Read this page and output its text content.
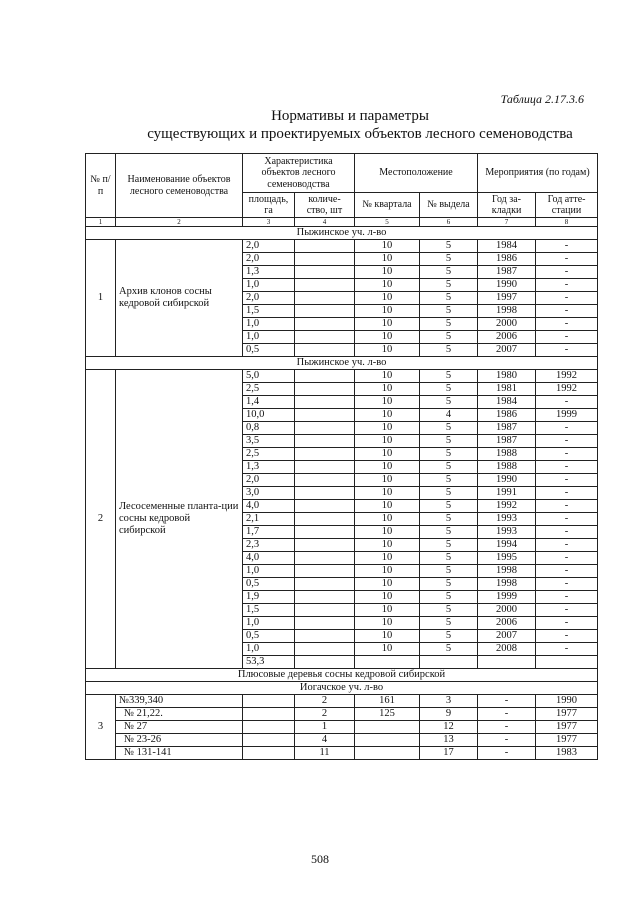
Таблица 2.17.3.6
Нормативы и параметры
существующих и проектируемых объектов лесного семеноводства
№ п/п	Наименование объектов лесного семеноводства	Характеристика объектов лесного семеноводства		Местоположение		Мероприятия (по годам)	
		площадь, га	количе-ство, шт	№ квартала	№ выдела	Год за-кладки	Год атте-стации
1	2	3	4	5	6	7	8
Пыжинское уч. л-во							
1	Архив клонов сосны кедровой сибирской	2,0		10	5	1984	-
		2,0		10	5	1986	-
		1,3		10	5	1987	-
		1,0		10	5	1990	-
		2,0		10	5	1997	-
		1,5		10	5	1998	-
		1,0		10	5	2000	-
		1,0		10	5	2006	-
		0,5		10	5	2007	-
Пыжинское уч. л-во							
2	Лесосеменные планта-ции сосны кедровой сибирской	5,0		10	5	1980	1992
		2,5		10	5	1981	1992
		1,4		10	5	1984	-
		10,0		10	4	1986	1999
		0,8		10	5	1987	-
		3,5		10	5	1987	-
		2,5		10	5	1988	-
		1,3		10	5	1988	-
		2,0		10	5	1990	-
		3,0		10	5	1991	-
		4,0		10	5	1992	-
		2,1		10	5	1993	-
		1,7		10	5	1993	-
		2,3		10	5	1994	-
		4,0		10	5	1995	-
		1,0		10	5	1998	-
		0,5		10	5	1998	-
		1,9		10	5	1999	-
		1,5		10	5	2000	-
		1,0		10	5	2006	-
		0,5		10	5	2007	-
		1,0		10	5	2008	-
		53,3					
Плюсовые деревья сосны кедровой сибирской							
Иогачское уч. л-во							
3	№339,340		2	161	3	-	1990
	№ 21,22.		2	125	9	-	1977
	№ 27		1		12	-	1977
	№ 23-26		4		13	-	1977
	№ 131-141		11		17	-	1983
508
